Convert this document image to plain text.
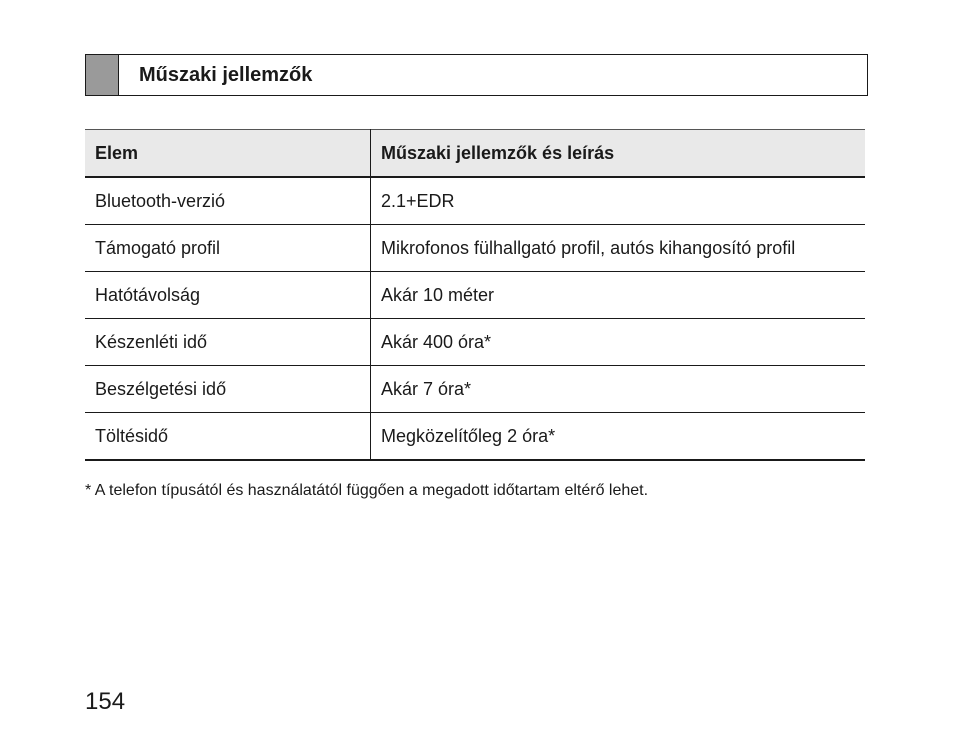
Műszaki jellemzők
Elem	Műszaki jellemzők és leírás
Bluetooth-verzió	2.1+EDR
Támogató profil	Mikrofonos fülhallgató profil, autós kihangosító profil
Hatótávolság	Akár 10 méter
Készenléti idő	Akár 400 óra*
Beszélgetési idő	Akár 7 óra*
Töltésidő	Megközelítőleg 2 óra*
* A telefon típusától és használatától függően a megadott időtartam eltérő lehet.
154
